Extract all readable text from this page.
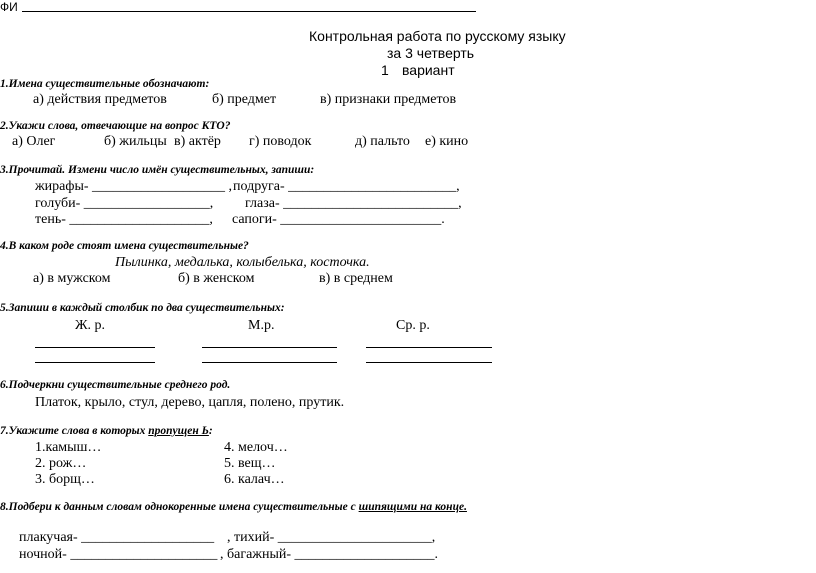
ФИ
Контрольная работа по русскому языку
за 3 четверть
1 вариант
1.Имена существительные обозначают:
а) действия предметов	б) предмет	в) признаки предметов
2.Укажи слова, отвечающие на вопрос КТО?
а) Олег	б) жильцы в) актёр г) поводок	д) пальто е) кино
3.Прочитай. Измени число имён существительных, запиши:
жирафы- ___________________ , подруга- ________________________,
голуби- __________________, глаза- _________________________,
тень- ____________________, сапоги- _______________________.
4.В каком роде стоят имена существительные?
Пылинка, медалька, колыбелька, косточка.
а) в мужском	б) в женском	в) в среднем
5.Запиши в каждый столбик по два существительных:
Ж. р.	М.р.	Ср. р.
6.Подчеркни существительные среднего род.
Платок, крыло, стул, дерево, цапля, полено, прутик.
7.Укажите слова в которых пропущен Ь:
1.камыш…	4. мелоч…
2. рож…	5. вещ…
3. борщ…	6. калач…
8.Подбери к данным словам однокоренные имена существительные с шипящими на конце.
плакучая- ___________________ , тихий- ______________________,
ночной- _____________________ , багажный- ____________________.
